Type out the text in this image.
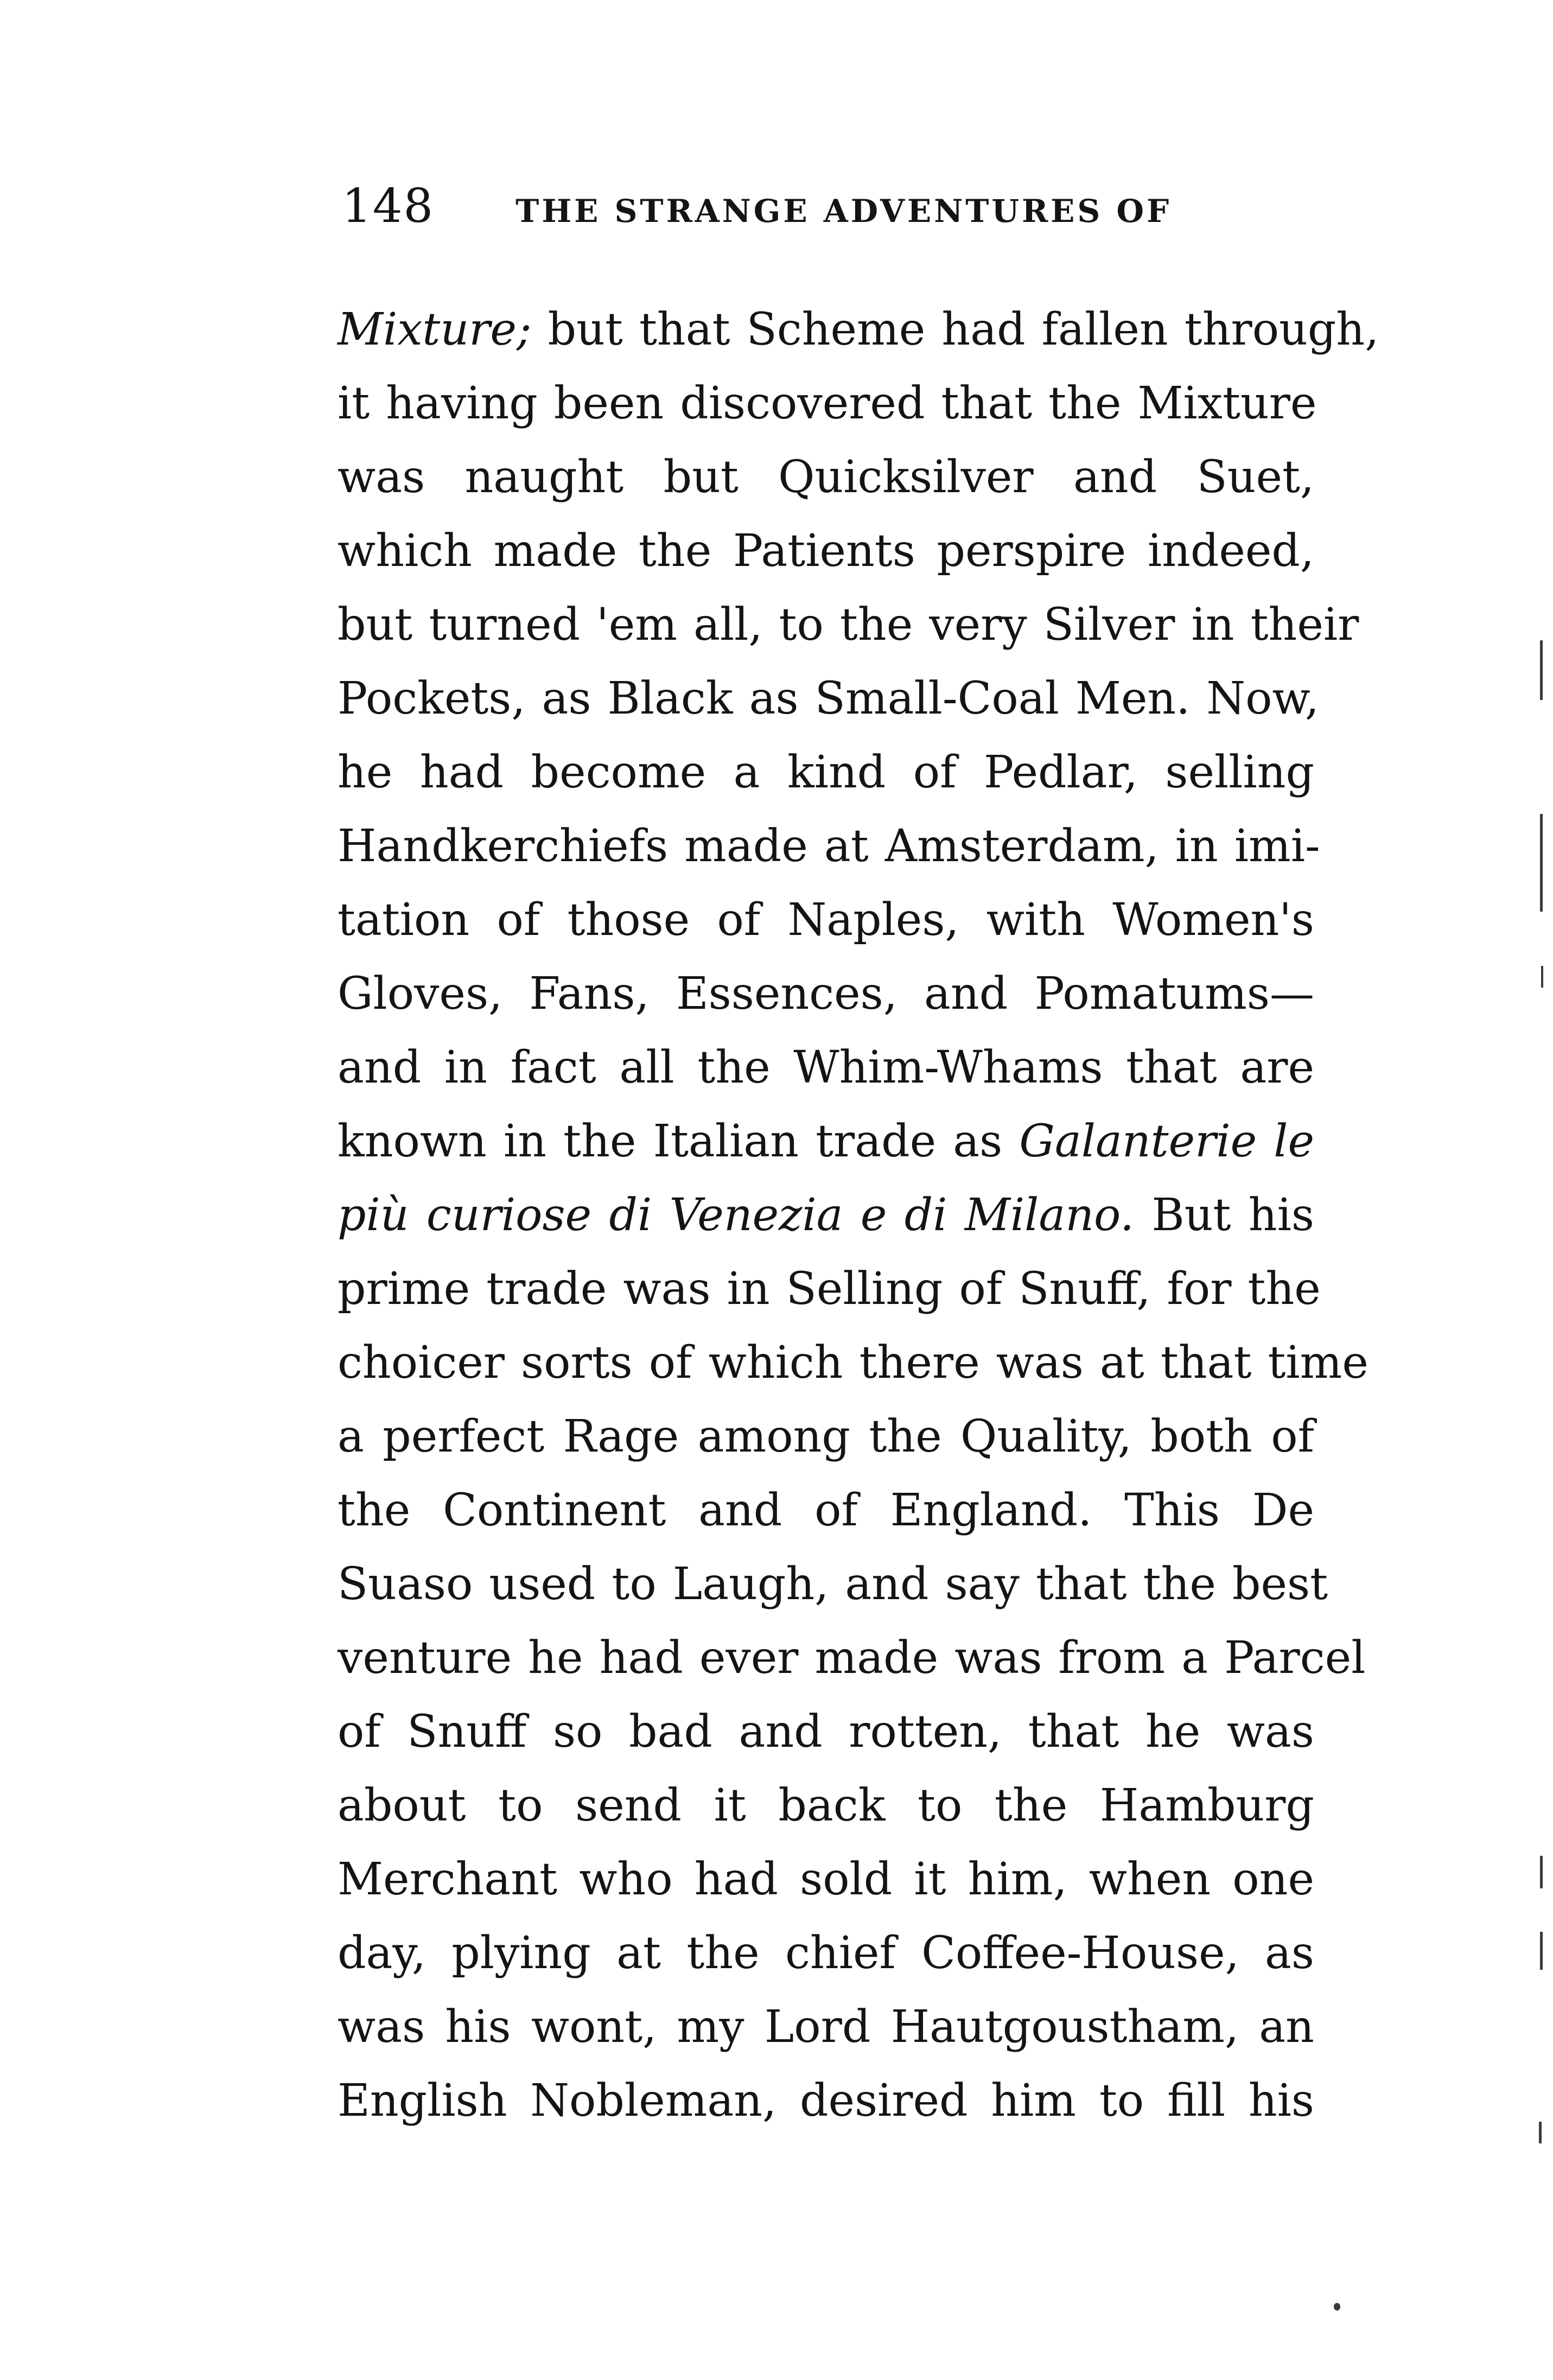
148	THE STRANGE ADVENTURES OF
Mixture; but that Scheme had fallen through,
it having been discovered that the Mixture
was naught but Quicksilver and Suet,
which made the Patients perspire indeed,
but turned 'em all, to the very Silver in their
Pockets, as Black as Small-Coal Men. Now,
he had become a kind of Pedlar, selling
Handkerchiefs made at Amsterdam, in imi-
tation of those of Naples, with Women's
Gloves, Fans, Essences, and Pomatums—
and in fact all the Whim-Whams that are
known in the Italian trade as Galanterie le
più curiose di Venezia e di Milano. But his
prime trade was in Selling of Snuff, for the
choicer sorts of which there was at that time
a perfect Rage among the Quality, both of
the Continent and of England. This De
Suaso used to Laugh, and say that the best
venture he had ever made was from a Parcel
of Snuff so bad and rotten, that he was
about to send it back to the Hamburg
Merchant who had sold it him, when one
day, plying at the chief Coffee-House, as
was his wont, my Lord Hautgoustham, an
English Nobleman, desired him to fill his
